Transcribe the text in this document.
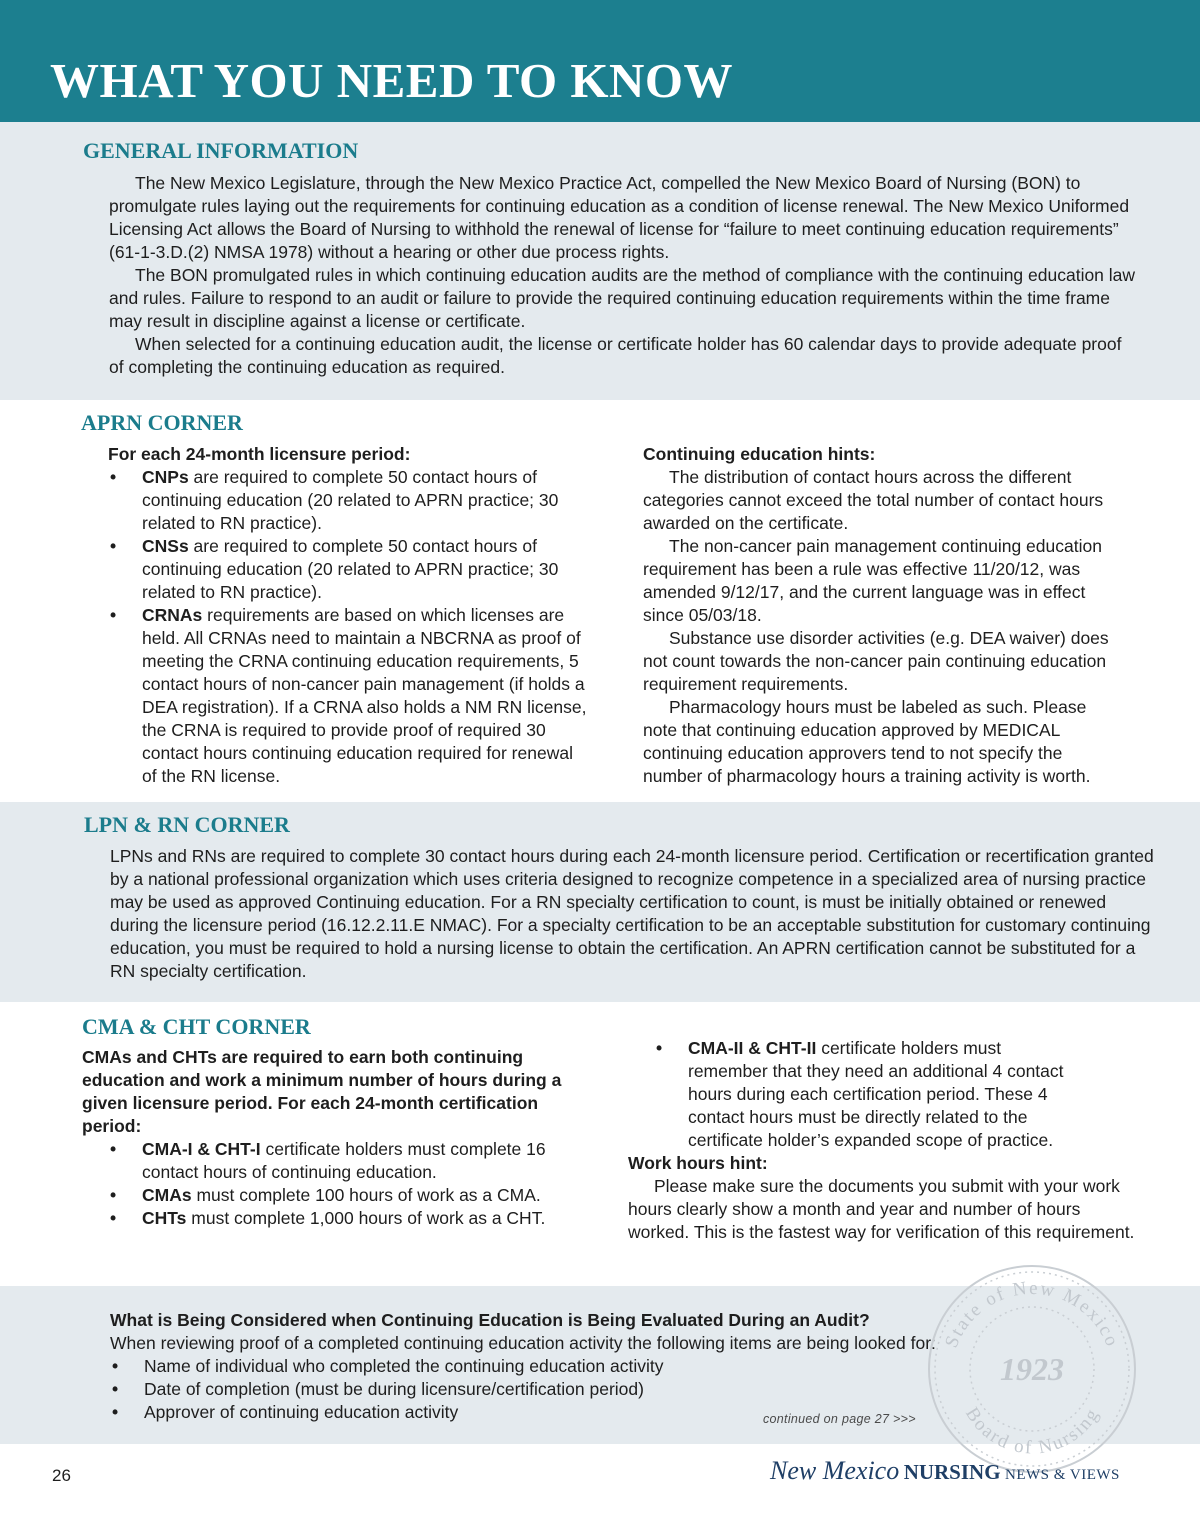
WHAT YOU NEED TO KNOW
GENERAL INFORMATION

The New Mexico Legislature, through the New Mexico Practice Act, compelled the New Mexico Board of Nursing (BON) to promulgate rules laying out the requirements for continuing education as a condition of license renewal. The New Mexico Uniformed Licensing Act allows the Board of Nursing to withhold the renewal of license for “failure to meet continuing education requirements” (61-1-3.D.(2) NMSA 1978) without a hearing or other due process rights.

The BON promulgated rules in which continuing education audits are the method of compliance with the continuing education law and rules. Failure to respond to an audit or failure to provide the required continuing education requirements within the time frame may result in discipline against a license or certificate.

When selected for a continuing education audit, the license or certificate holder has 60 calendar days to provide adequate proof of completing the continuing education as required.

APRN CORNER

For each 24-month licensure period:

• CNPs are required to complete 50 contact hours of continuing education (20 related to APRN practice; 30 related to RN practice).
• CNSs are required to complete 50 contact hours of continuing education (20 related to APRN practice; 30 related to RN practice).
• CRNAs requirements are based on which licenses are held. All CRNAs need to maintain a NBCRNA as proof of meeting the CRNA continuing education requirements, 5 contact hours of non-cancer pain management (if holds a DEA registration). If a CRNA also holds a NM RN license, the CRNA is required to provide proof of required 30 contact hours continuing education required for renewal of the RN license.

Continuing education hints:

The distribution of contact hours across the different categories cannot exceed the total number of contact hours awarded on the certificate.

The non-cancer pain management continuing education requirement has been a rule was effective 11/20/12, was amended 9/12/17, and the current language was in effect since 05/03/18.

Substance use disorder activities (e.g. DEA waiver) does not count towards the non-cancer pain continuing education requirement requirements.

Pharmacology hours must be labeled as such. Please note that continuing education approved by MEDICAL continuing education approvers tend to not specify the number of pharmacology hours a training activity is worth.

LPN & RN CORNER

LPNs and RNs are required to complete 30 contact hours during each 24-month licensure period. Certification or recertification granted by a national professional organization which uses criteria designed to recognize competence in a specialized area of nursing practice may be used as approved Continuing education. For a RN specialty certification to count, is must be initially obtained or renewed during the licensure period (16.12.2.11.E NMAC). For a specialty certification to be an acceptable substitution for customary continuing education, you must be required to hold a nursing license to obtain the certification. An APRN certification cannot be substituted for a RN specialty certification.

CMA & CHT CORNER

CMAs and CHTs are required to earn both continuing education and work a minimum number of hours during a given licensure period. For each 24-month certification period:

• CMA-I & CHT-I certificate holders must complete 16 contact hours of continuing education.
• CMAs must complete 100 hours of work as a CMA.
• CHTs must complete 1,000 hours of work as a CHT.
• CMA-II & CHT-II certificate holders must remember that they need an additional 4 contact hours during each certification period. These 4 contact hours must be directly related to the certificate holder’s expanded scope of practice.

Work hours hint:

Please make sure the documents you submit with your work hours clearly show a month and year and number of hours worked. This is the fastest way for verification of this requirement.

What is Being Considered when Continuing Education is Being Evaluated During an Audit?

When reviewing proof of a completed continuing education activity the following items are being looked for:

• Name of individual who completed the continuing education activity
• Date of completion (must be during licensure/certification period)
• Approver of continuing education activity	continued on page 27 >>>
State of New Mexico
1923
Board of Nursing
26	New Mexico NURSING NEWS & VIEWS
